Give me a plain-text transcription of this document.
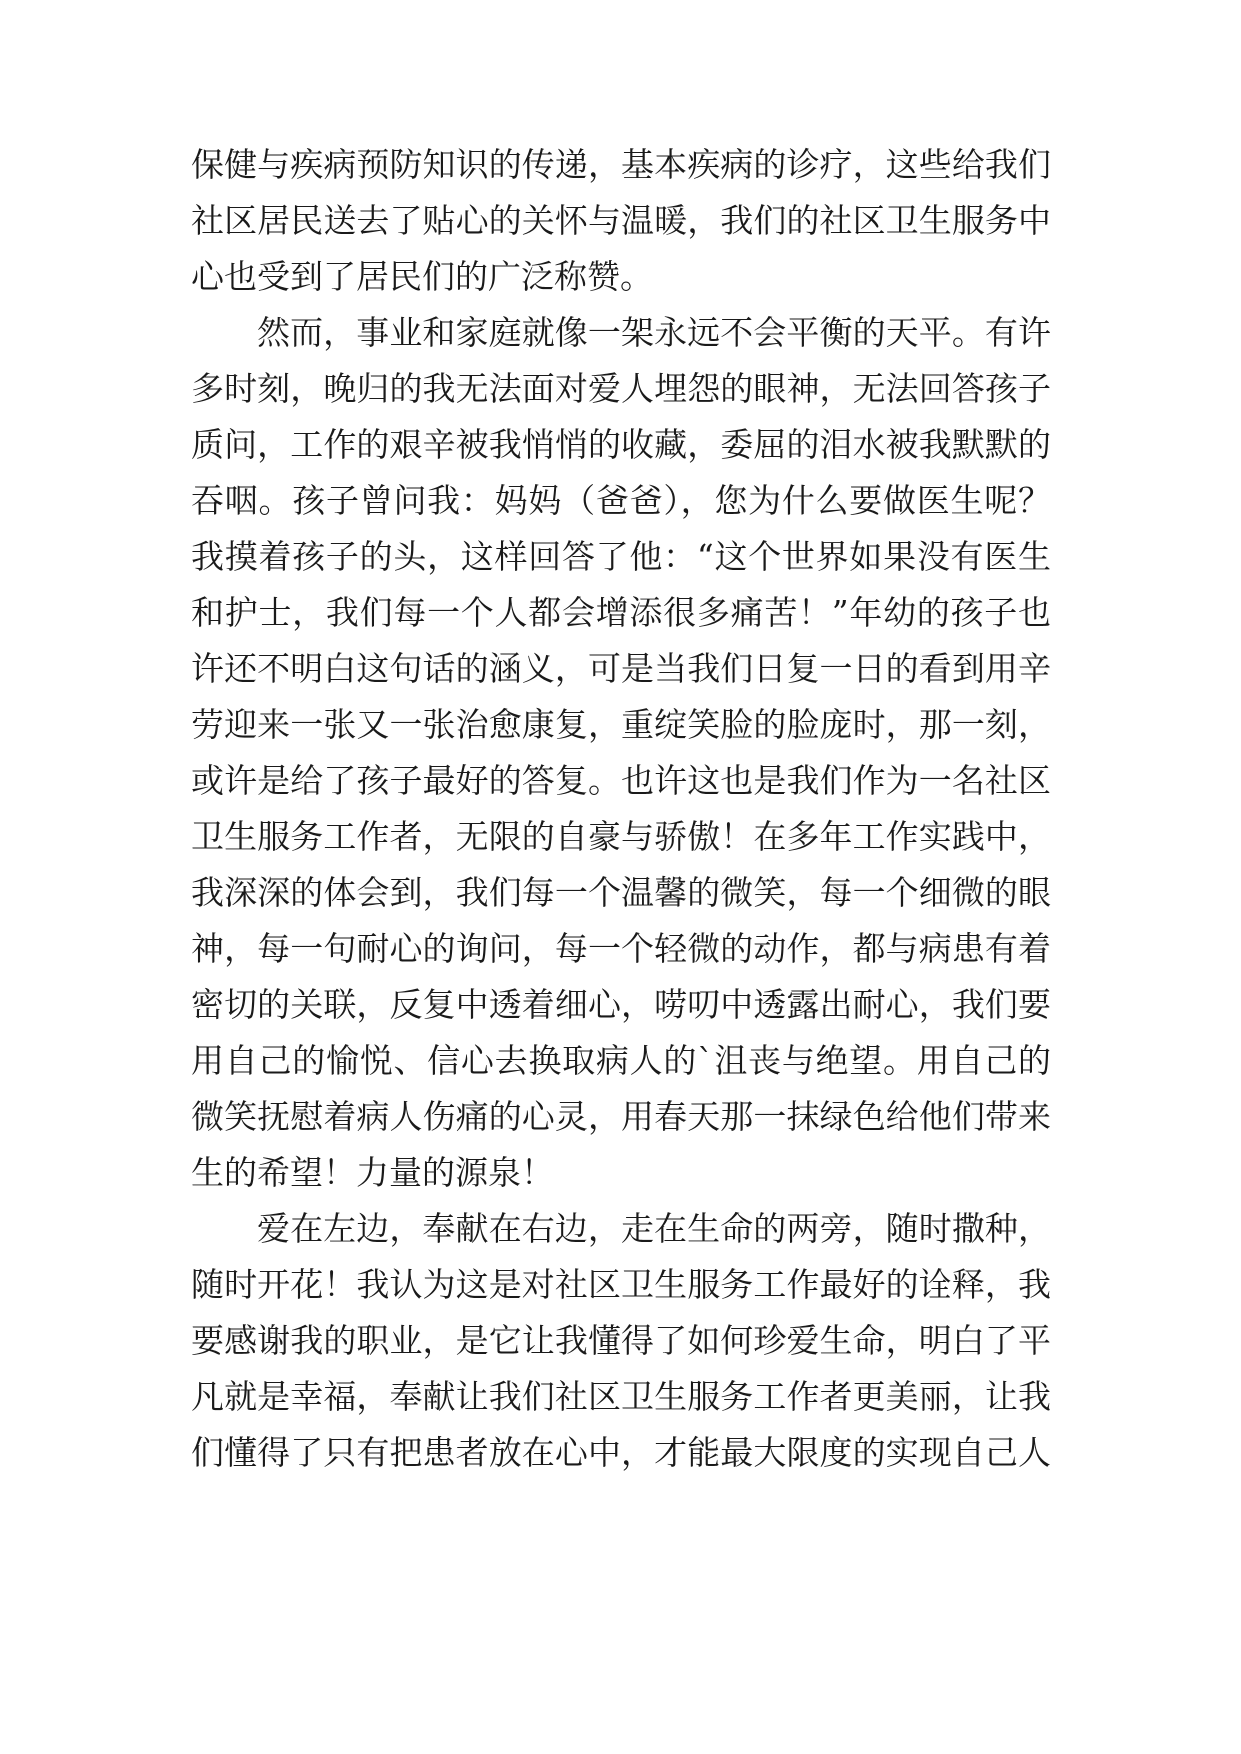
保健与疾病预防知识的传递，基本疾病的诊疗，这些给我们
社区居民送去了贴心的关怀与温暖，我们的社区卫生服务中
心也受到了居民们的广泛称赞。
然而，事业和家庭就像一架永远不会平衡的天平。有许
多时刻，晚归的我无法面对爱人埋怨的眼神，无法回答孩子
质问，工作的艰辛被我悄悄的收藏，委屈的泪水被我默默的
吞咽。孩子曾问我：妈妈（爸爸），您为什么要做医生呢？
我摸着孩子的头，这样回答了他：“这个世界如果没有医生
和护士，我们每一个人都会增添很多痛苦！”年幼的孩子也
许还不明白这句话的涵义，可是当我们日复一日的看到用辛
劳迎来一张又一张治愈康复，重绽笑脸的脸庞时，那一刻，
或许是给了孩子最好的答复。也许这也是我们作为一名社区
卫生服务工作者，无限的自豪与骄傲！在多年工作实践中，
我深深的体会到，我们每一个温馨的微笑，每一个细微的眼
神，每一句耐心的询问，每一个轻微的动作，都与病患有着
密切的关联，反复中透着细心，唠叨中透露出耐心，我们要
用自己的愉悦、信心去换取病人的`沮丧与绝望。用自己的
微笑抚慰着病人伤痛的心灵，用春天那一抹绿色给他们带来
生的希望！力量的源泉！
爱在左边，奉献在右边，走在生命的两旁，随时撒种，
随时开花！我认为这是对社区卫生服务工作最好的诠释，我
要感谢我的职业，是它让我懂得了如何珍爱生命，明白了平
凡就是幸福，奉献让我们社区卫生服务工作者更美丽，让我
们懂得了只有把患者放在心中，才能最大限度的实现自己人
